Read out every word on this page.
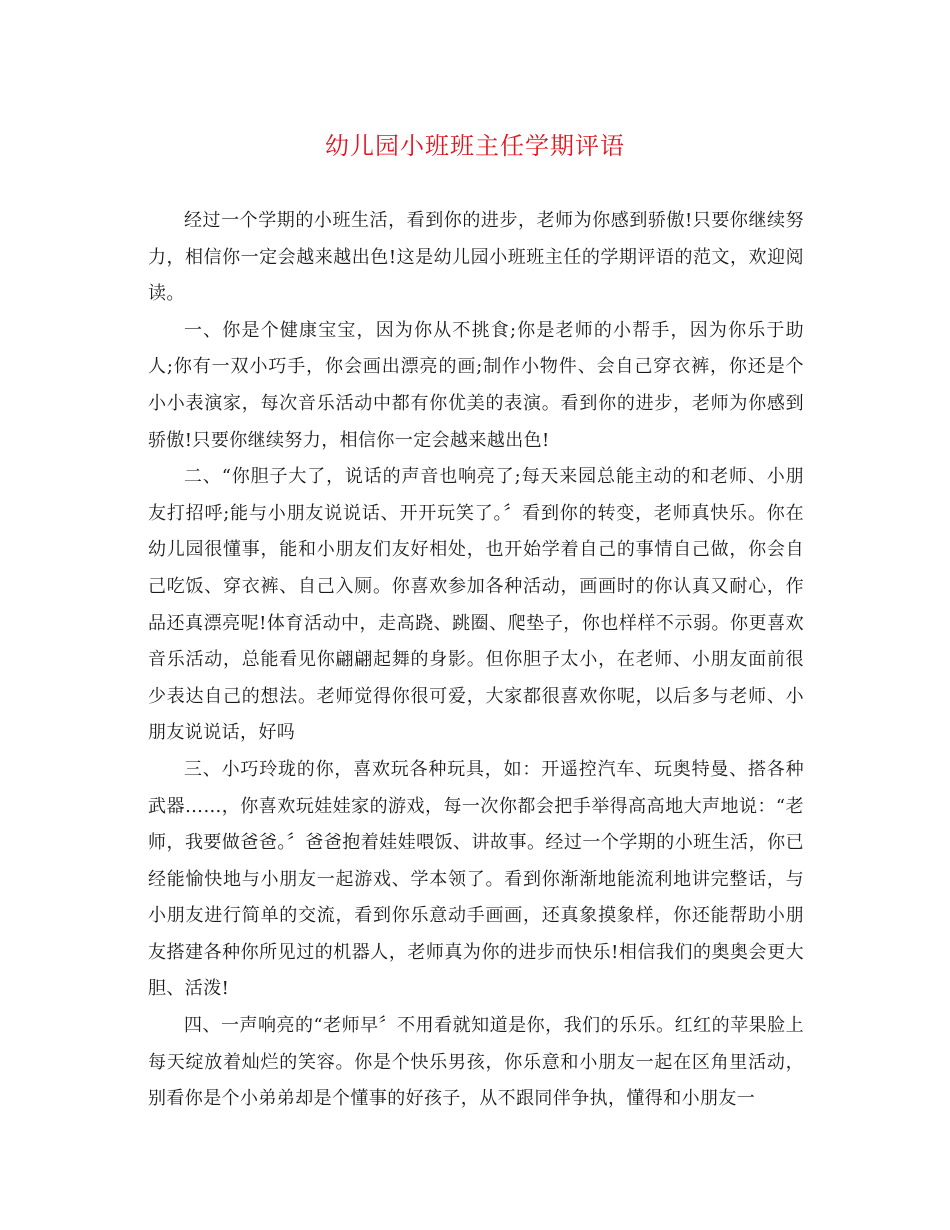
幼儿园小班班主任学期评语

经过一个学期的小班生活，看到你的进步，老师为你感到骄傲!只要你继续努力，相信你一定会越来越出色!这是幼儿园小班班主任的学期评语的范文，欢迎阅读。

一、你是个健康宝宝，因为你从不挑食;你是老师的小帮手，因为你乐于助人;你有一双小巧手，你会画出漂亮的画;制作小物件、会自己穿衣裤，你还是个小小表演家，每次音乐活动中都有你优美的表演。看到你的进步，老师为你感到骄傲!只要你继续努力，相信你一定会越来越出色!

二、“你胆子大了，说话的声音也响亮了;每天来园总能主动的和老师、小朋友打招呼;能与小朋友说说话、开开玩笑了。〞看到你的转变，老师真快乐。你在幼儿园很懂事，能和小朋友们友好相处，也开始学着自己的事情自己做，你会自己吃饭、穿衣裤、自己入厕。你喜欢参加各种活动，画画时的你认真又耐心，作品还真漂亮呢!体育活动中，走高跷、跳圈、爬垫子，你也样样不示弱。你更喜欢音乐活动，总能看见你翩翩起舞的身影。但你胆子太小，在老师、小朋友面前很少表达自己的想法。老师觉得你很可爱，大家都很喜欢你呢，以后多与老师、小朋友说说话，好吗

三、小巧玲珑的你，喜欢玩各种玩具，如：开遥控汽车、玩奥特曼、搭各种武器……，你喜欢玩娃娃家的游戏，每一次你都会把手举得高高地大声地说：“老师，我要做爸爸。〞爸爸抱着娃娃喂饭、讲故事。经过一个学期的小班生活，你已经能愉快地与小朋友一起游戏、学本领了。看到你渐渐地能流利地讲完整话，与小朋友进行简单的交流，看到你乐意动手画画，还真象摸象样，你还能帮助小朋友搭建各种你所见过的机器人，老师真为你的进步而快乐!相信我们的奥奥会更大胆、活泼!

四、一声响亮的“老师早〞不用看就知道是你，我们的乐乐。红红的苹果脸上每天绽放着灿烂的笑容。你是个快乐男孩，你乐意和小朋友一起在区角里活动，别看你是个小弟弟却是个懂事的好孩子，从不跟同伴争执，懂得和小朋友一
